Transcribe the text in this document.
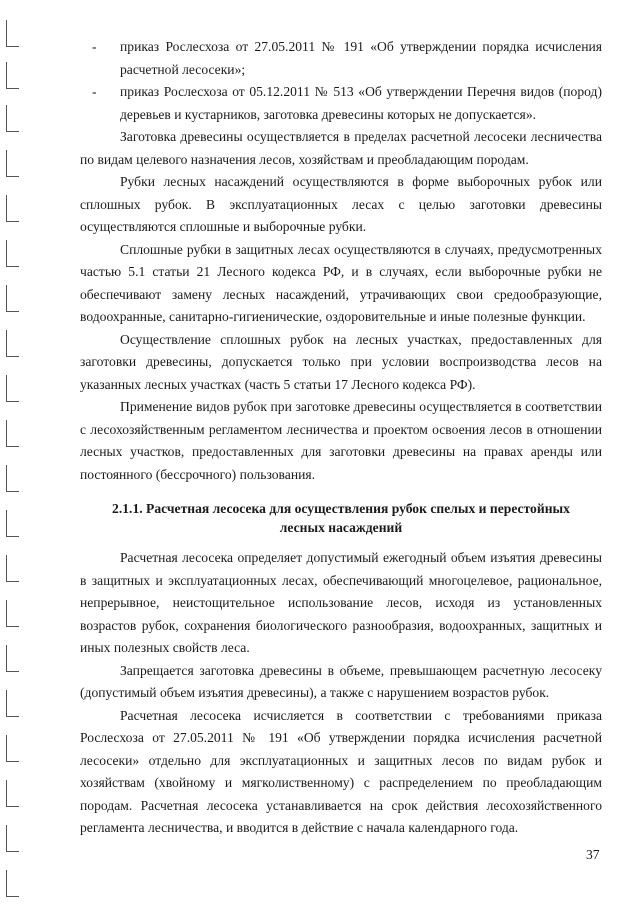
- приказ Рослесхоза от 27.05.2011 № 191 «Об утверждении порядка исчисления расчетной лесосеки»;
- приказ Рослесхоза от 05.12.2011 № 513 «Об утверждении Перечня видов (пород) деревьев и кустарников, заготовка древесины которых не допускается».

Заготовка древесины осуществляется в пределах расчетной лесосеки лесничества по видам целевого назначения лесов, хозяйствам и преобладающим породам.

Рубки лесных насаждений осуществляются в форме выборочных рубок или сплошных рубок. В эксплуатационных лесах с целью заготовки древесины осуществляются сплошные и выборочные рубки.

Сплошные рубки в защитных лесах осуществляются в случаях, предусмотренных частью 5.1 статьи 21 Лесного кодекса РФ, и в случаях, если выборочные рубки не обеспечивают замену лесных насаждений, утрачивающих свои средообразующие, водоохранные, санитарно-гигиенические, оздоровительные и иные полезные функции.

Осуществление сплошных рубок на лесных участках, предоставленных для заготовки древесины, допускается только при условии воспроизводства лесов на указанных лесных участках (часть 5 статьи 17 Лесного кодекса РФ).

Применение видов рубок при заготовке древесины осуществляется в соответствии с лесохозяйственным регламентом лесничества и проектом освоения лесов в отношении лесных участков, предоставленных для заготовки древесины на правах аренды или постоянного (бессрочного) пользования.

2.1.1. Расчетная лесосека для осуществления рубок спелых и перестойных лесных насаждений

Расчетная лесосека определяет допустимый ежегодный объем изъятия древесины в защитных и эксплуатационных лесах, обеспечивающий многоцелевое, рациональное, непрерывное, неистощительное использование лесов, исходя из установленных возрастов рубок, сохранения биологического разнообразия, водоохранных, защитных и иных полезных свойств леса.

Запрещается заготовка древесины в объеме, превышающем расчетную лесосеку (допустимый объем изъятия древесины), а также с нарушением возрастов рубок.

Расчетная лесосека исчисляется в соответствии с требованиями приказа Рослесхоза от 27.05.2011 № 191 «Об утверждении порядка исчисления расчетной лесосеки» отдельно для эксплуатационных и защитных лесов по видам рубок и хозяйствам (хвойному и мягколиственному) с распределением по преобладающим породам. Расчетная лесосека устанавливается на срок действия лесохозяйственного регламента лесничества, и вводится в действие с начала календарного года.

37
